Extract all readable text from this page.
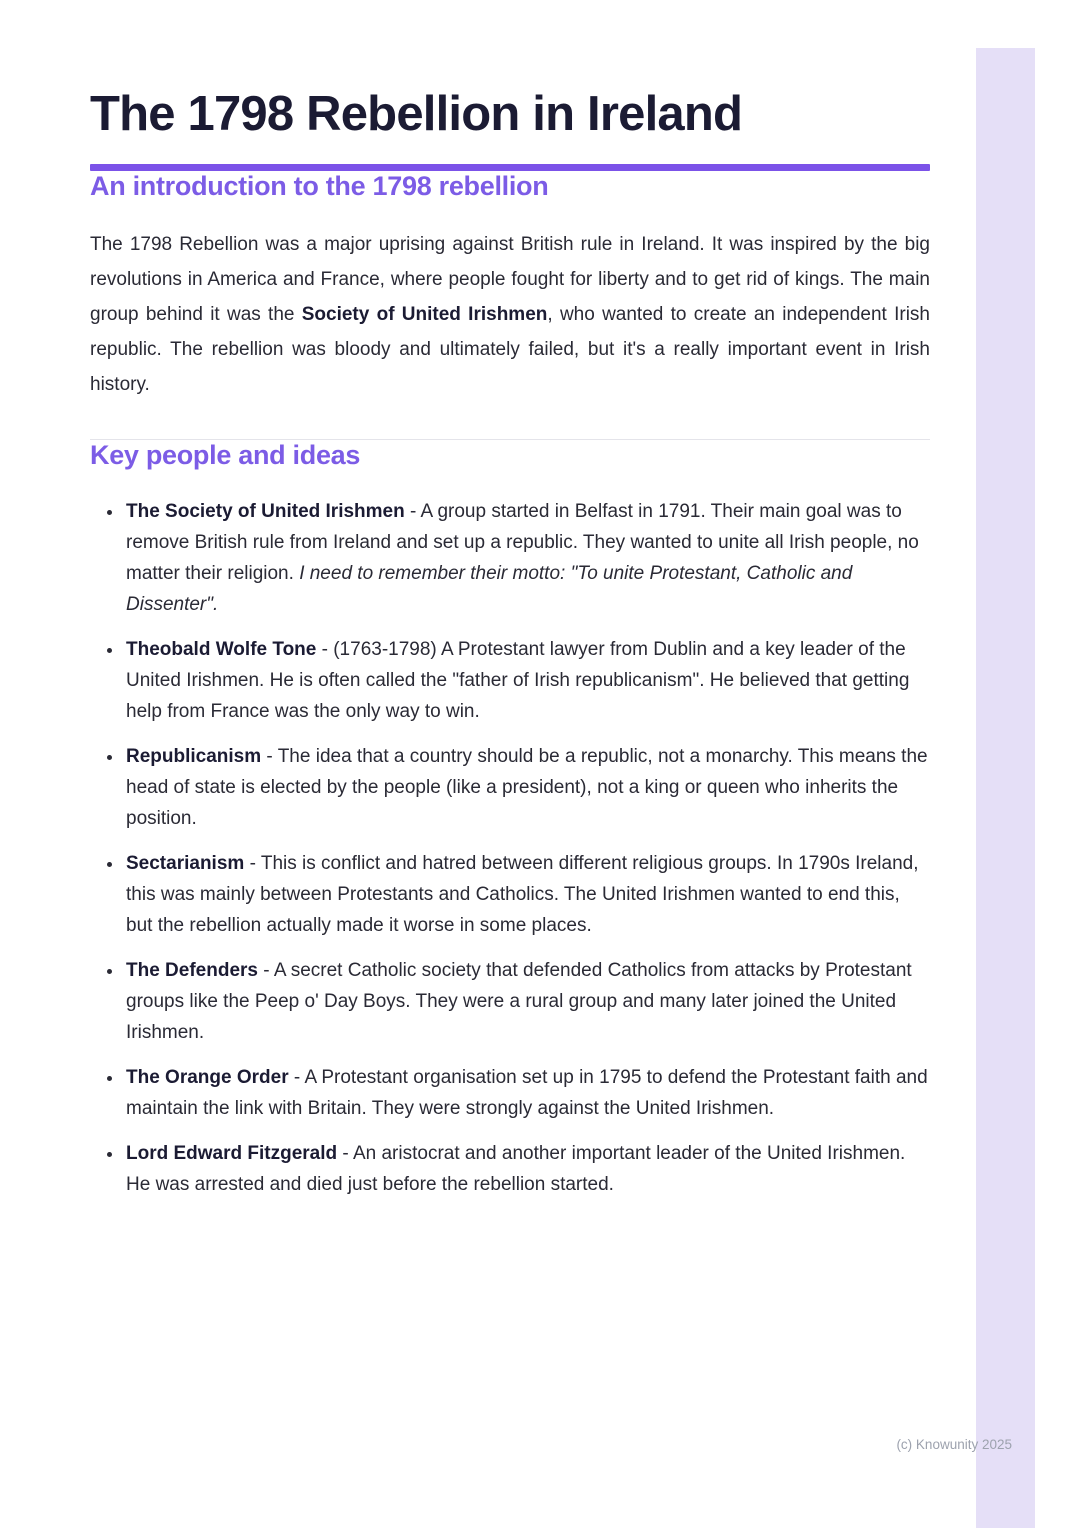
The 1798 Rebellion in Ireland
An introduction to the 1798 rebellion

The 1798 Rebellion was a major uprising against British rule in Ireland. It was inspired by the big revolutions in America and France, where people fought for liberty and to get rid of kings. The main group behind it was the Society of United Irishmen, who wanted to create an independent Irish republic. The rebellion was bloody and ultimately failed, but it's a really important event in Irish history.

Key people and ideas
• The Society of United Irishmen - A group started in Belfast in 1791. Their main goal was to remove British rule from Ireland and set up a republic. They wanted to unite all Irish people, no matter their religion. I need to remember their motto: "To unite Protestant, Catholic and Dissenter".
• Theobald Wolfe Tone - (1763-1798) A Protestant lawyer from Dublin and a key leader of the United Irishmen. He is often called the "father of Irish republicanism". He believed that getting help from France was the only way to win.
• Republicanism - The idea that a country should be a republic, not a monarchy. This means the head of state is elected by the people (like a president), not a king or queen who inherits the position.
• Sectarianism - This is conflict and hatred between different religious groups. In 1790s Ireland, this was mainly between Protestants and Catholics. The United Irishmen wanted to end this, but the rebellion actually made it worse in some places.
• The Defenders - A secret Catholic society that defended Catholics from attacks by Protestant groups like the Peep o' Day Boys. They were a rural group and many later joined the United Irishmen.
• The Orange Order - A Protestant organisation set up in 1795 to defend the Protestant faith and maintain the link with Britain. They were strongly against the United Irishmen.
• Lord Edward Fitzgerald - An aristocrat and another important leader of the United Irishmen. He was arrested and died just before the rebellion started.
(c) Knowunity 2025
